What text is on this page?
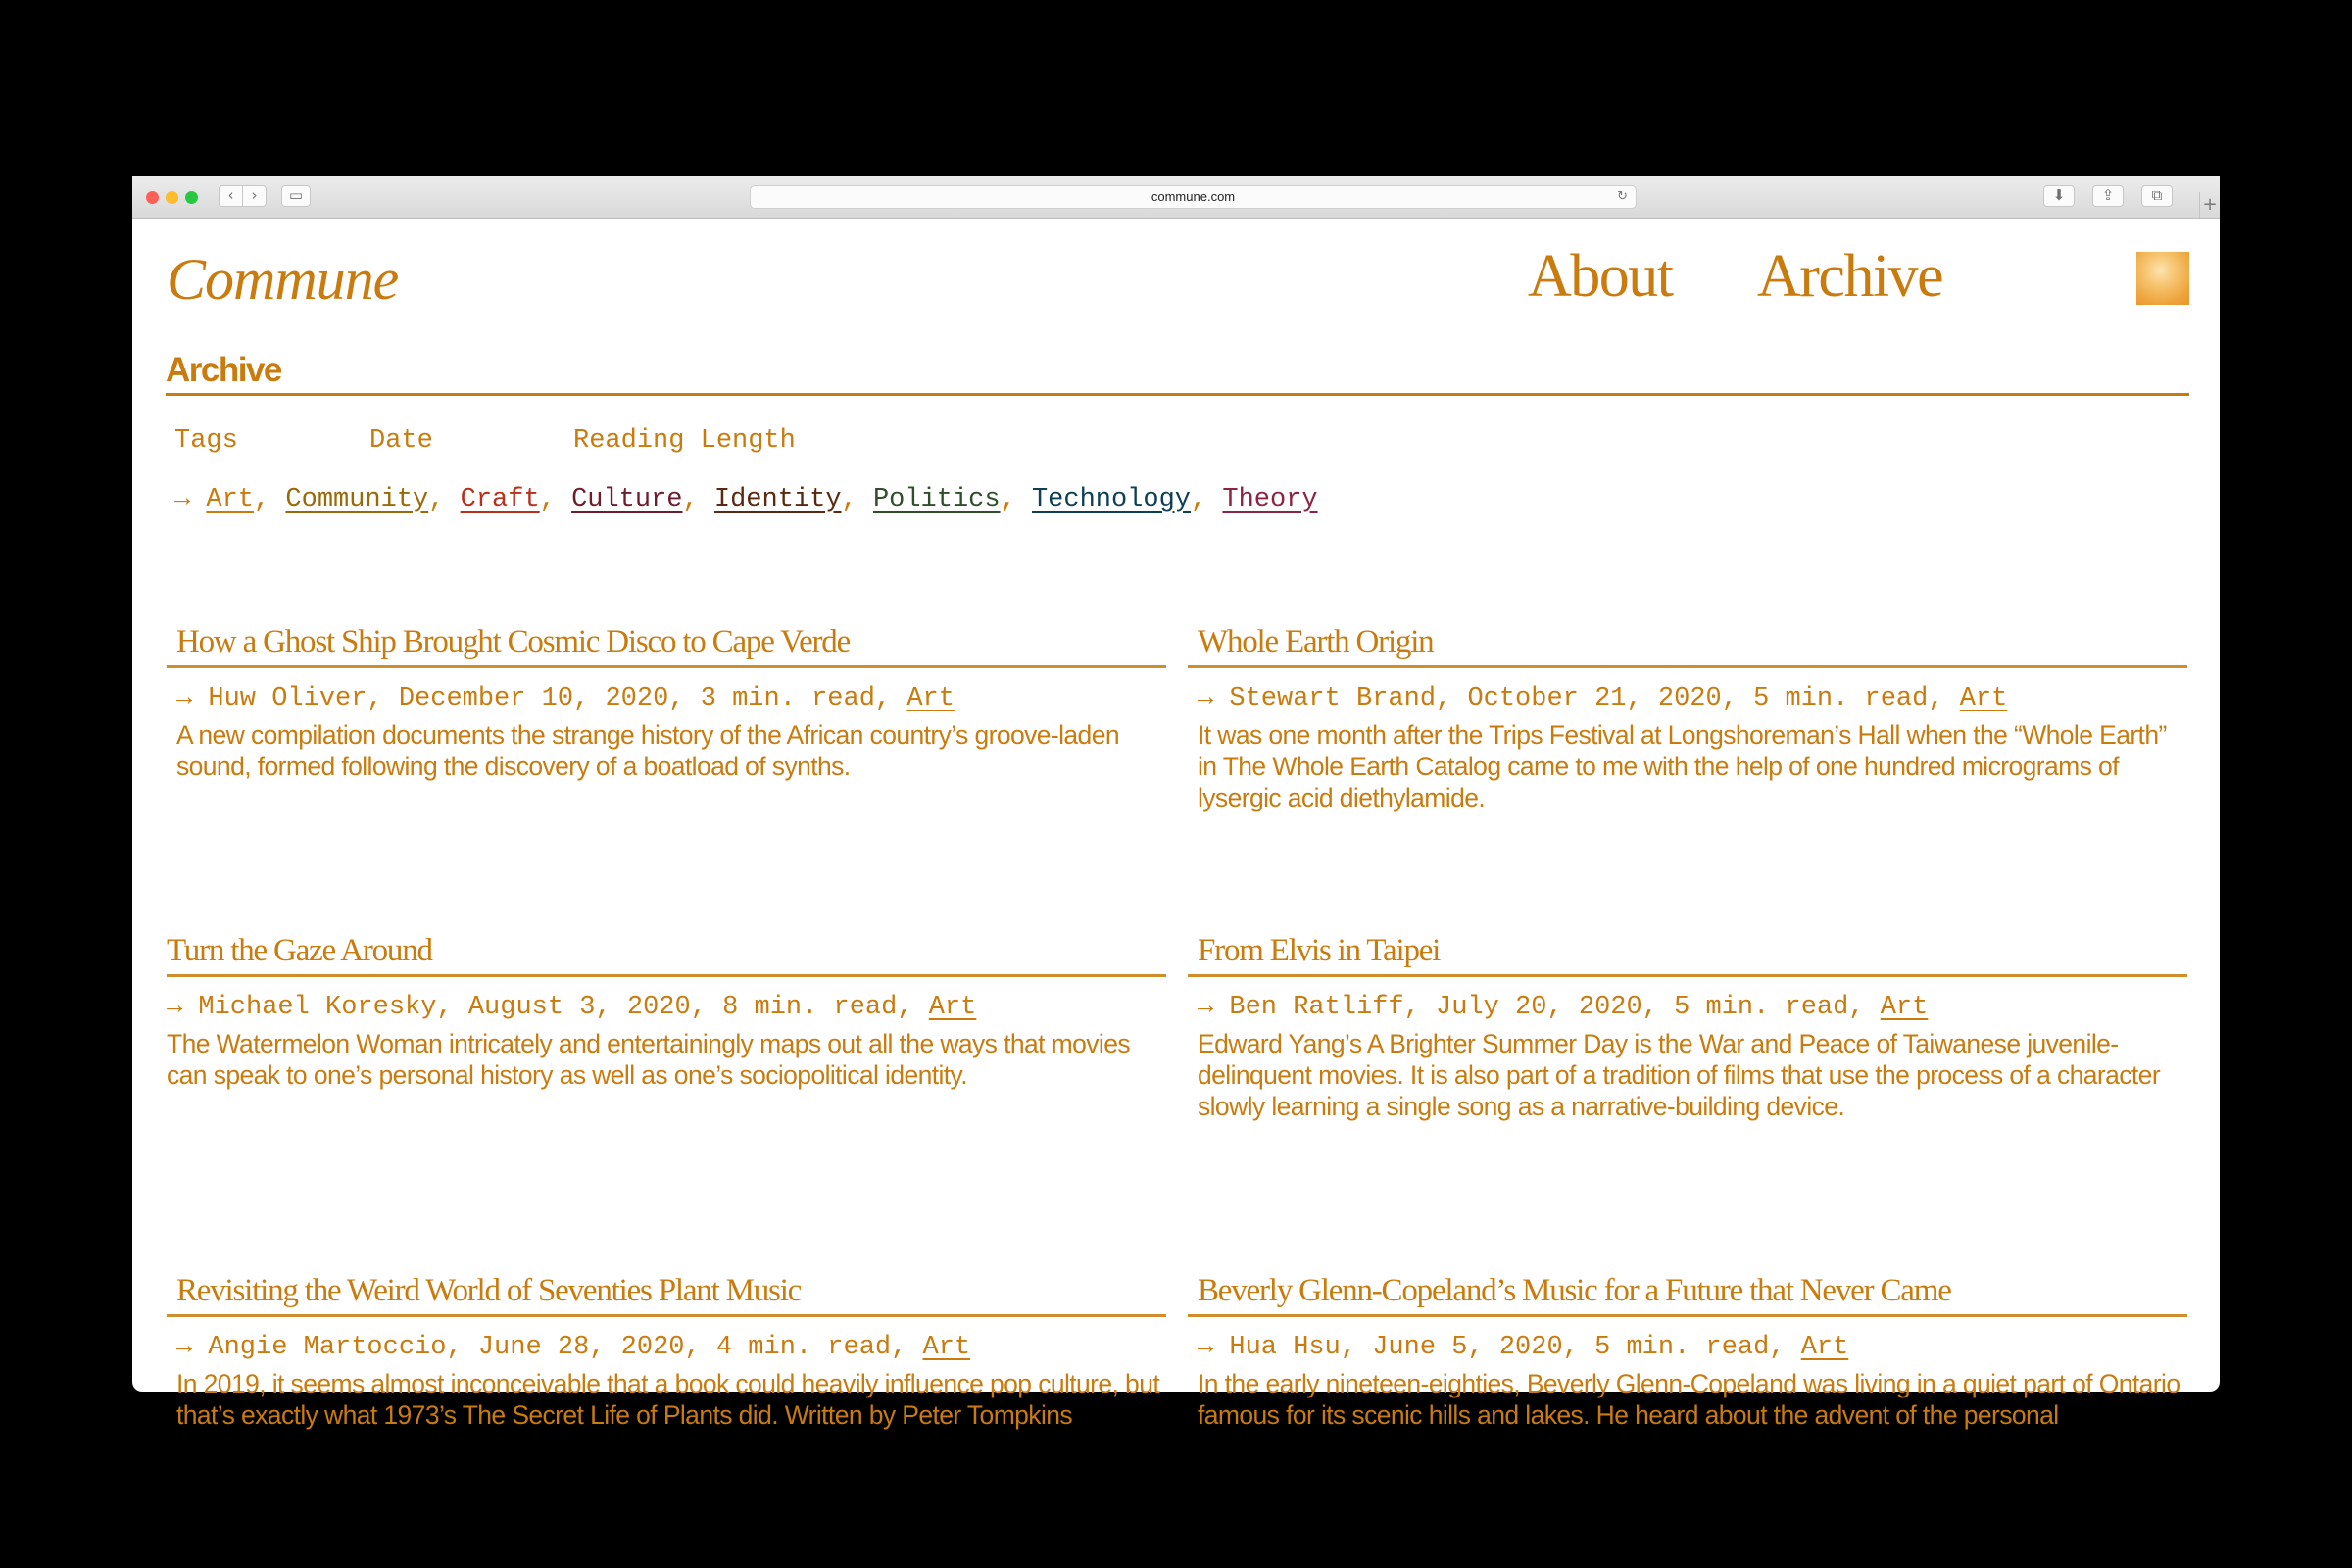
‹	›	▭	commune.com	↻	⬇	⇪	⧉	+
Commune	About Archive
Archive
Tags	Date	Reading Length
→ Art, Community, Craft, Culture, Identity, Politics, Technology, Theory
How a Ghost Ship Brought Cosmic Disco to Cape Verde
→ Huw Oliver, December 10, 2020, 3 min. read, Art

A new compilation documents the strange history of the African country’s groove-laden sound, formed following the discovery of a boatload of synths.

Whole Earth Origin
→ Stewart Brand, October 21, 2020, 5 min. read, Art

It was one month after the Trips Festival at Longshoreman’s Hall when the “Whole Earth” in The Whole Earth Catalog came to me with the help of one hundred micrograms of lysergic acid diethylamide.

Turn the Gaze Around
→ Michael Koresky, August 3, 2020, 8 min. read, Art

The Watermelon Woman intricately and entertainingly maps out all the ways that movies can speak to one’s personal history as well as one’s sociopolitical identity.

From Elvis in Taipei
→ Ben Ratliff, July 20, 2020, 5 min. read, Art

Edward Yang’s A Brighter Summer Day is the War and Peace of Taiwanese juvenile-delinquent movies. It is also part of a tradition of films that use the process of a character slowly learning a single song as a narrative-building device.

Revisiting the Weird World of Seventies Plant Music
→ Angie Martoccio, June 28, 2020, 4 min. read, Art

In 2019, it seems almost inconceivable that a book could heavily influence pop culture, but that’s exactly what 1973’s The Secret Life of Plants did. Written by Peter Tompkins

Beverly Glenn-Copeland’s Music for a Future that Never Came
→ Hua Hsu, June 5, 2020, 5 min. read, Art

In the early nineteen-eighties, Beverly Glenn-Copeland was living in a quiet part of Ontario famous for its scenic hills and lakes. He heard about the advent of the personal
